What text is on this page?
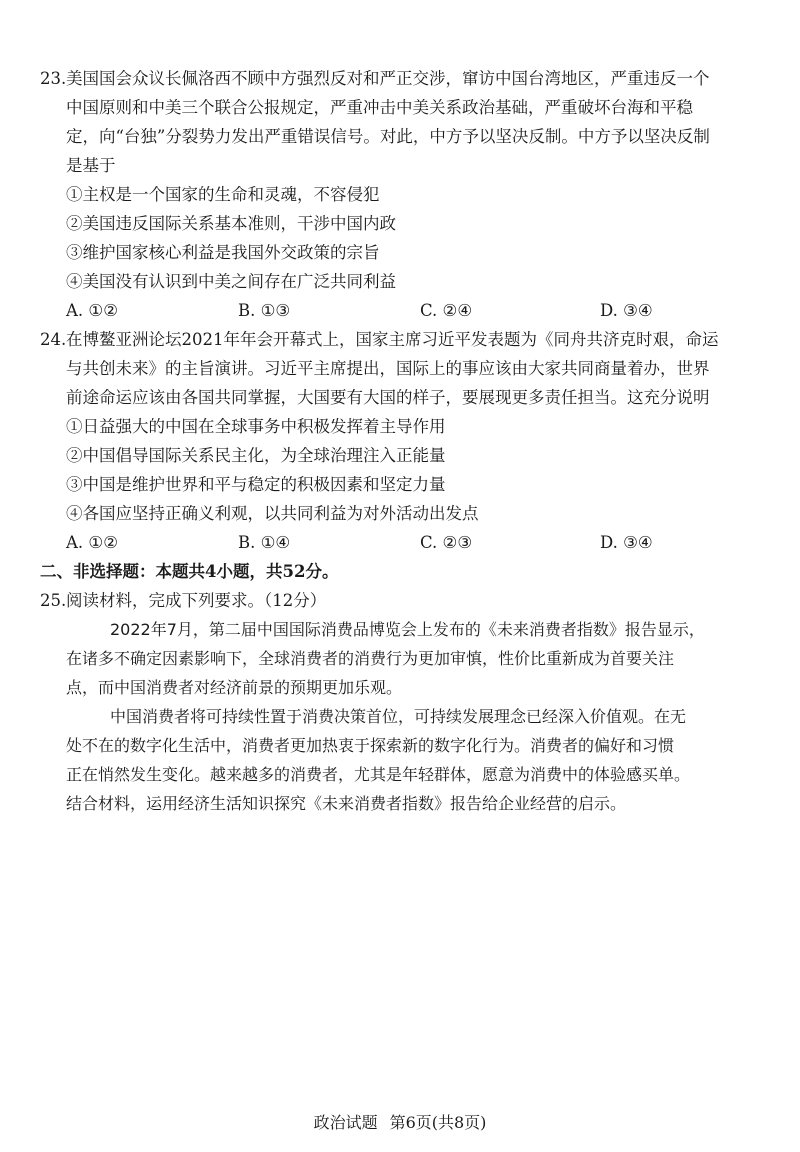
23.美国国会众议长佩洛西不顾中方强烈反对和严正交涉，窜访中国台湾地区，严重违反一个
中国原则和中美三个联合公报规定，严重冲击中美关系政治基础，严重破坏台海和平稳
定，向“台独”分裂势力发出严重错误信号。对此，中方予以坚决反制。中方予以坚决反制
是基于
①主权是一个国家的生命和灵魂，不容侵犯
②美国违反国际关系基本准则，干涉中国内政
③维护国家核心利益是我国外交政策的宗旨
④美国没有认识到中美之间存在广泛共同利益
A. ①②	B. ①③	C. ②④	D. ③④
24.在博鳌亚洲论坛2021年年会开幕式上，国家主席习近平发表题为《同舟共济克时艰，命运
与共创未来》的主旨演讲。习近平主席提出，国际上的事应该由大家共同商量着办，世界
前途命运应该由各国共同掌握，大国要有大国的样子，要展现更多责任担当。这充分说明
①日益强大的中国在全球事务中积极发挥着主导作用
②中国倡导国际关系民主化，为全球治理注入正能量
③中国是维护世界和平与稳定的积极因素和坚定力量
④各国应坚持正确义利观，以共同利益为对外活动出发点
A. ①②	B. ①④	C. ②③	D. ③④
二、非选择题：本题共4小题，共52分。
25.阅读材料，完成下列要求。（12分）
2022年7月，第二届中国国际消费品博览会上发布的《未来消费者指数》报告显示，
在诸多不确定因素影响下，全球消费者的消费行为更加审慎，性价比重新成为首要关注
点，而中国消费者对经济前景的预期更加乐观。
中国消费者将可持续性置于消费决策首位，可持续发展理念已经深入价值观。在无
处不在的数字化生活中，消费者更加热衷于探索新的数字化行为。消费者的偏好和习惯
正在悄然发生变化。越来越多的消费者，尤其是年轻群体，愿意为消费中的体验感买单。
结合材料，运用经济生活知识探究《未来消费者指数》报告给企业经营的启示。
政治试题 第6页(共8页)
